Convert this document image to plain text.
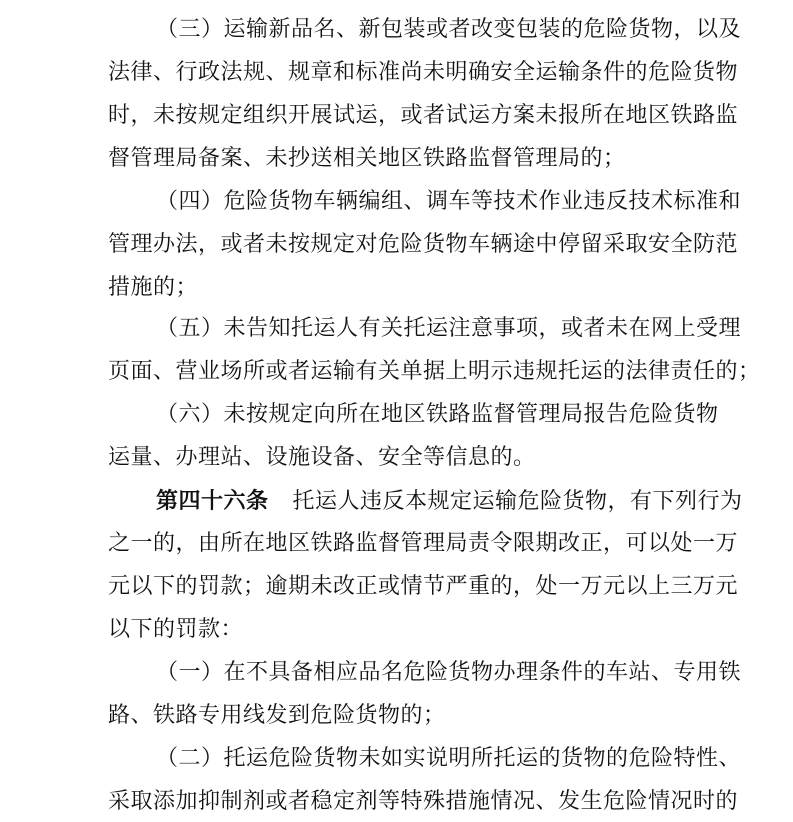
（三）运输新品名、新包装或者改变包装的危险货物，以及
法律、行政法规、规章和标准尚未明确安全运输条件的危险货物
时，未按规定组织开展试运，或者试运方案未报所在地区铁路监
督管理局备案、未抄送相关地区铁路监督管理局的；
（四）危险货物车辆编组、调车等技术作业违反技术标准和
管理办法，或者未按规定对危险货物车辆途中停留采取安全防范
措施的；
（五）未告知托运人有关托运注意事项，或者未在网上受理
页面、营业场所或者运输有关单据上明示违规托运的法律责任的；
（六）未按规定向所在地区铁路监督管理局报告危险货物
运量、办理站、设施设备、安全等信息的。
第四十六条 托运人违反本规定运输危险货物，有下列行为
之一的，由所在地区铁路监督管理局责令限期改正，可以处一万
元以下的罚款；逾期未改正或情节严重的，处一万元以上三万元
以下的罚款：
（一）在不具备相应品名危险货物办理条件的车站、专用铁
路、铁路专用线发到危险货物的；
（二）托运危险货物未如实说明所托运的货物的危险特性、
采取添加抑制剂或者稳定剂等特殊措施情况、发生危险情况时的
